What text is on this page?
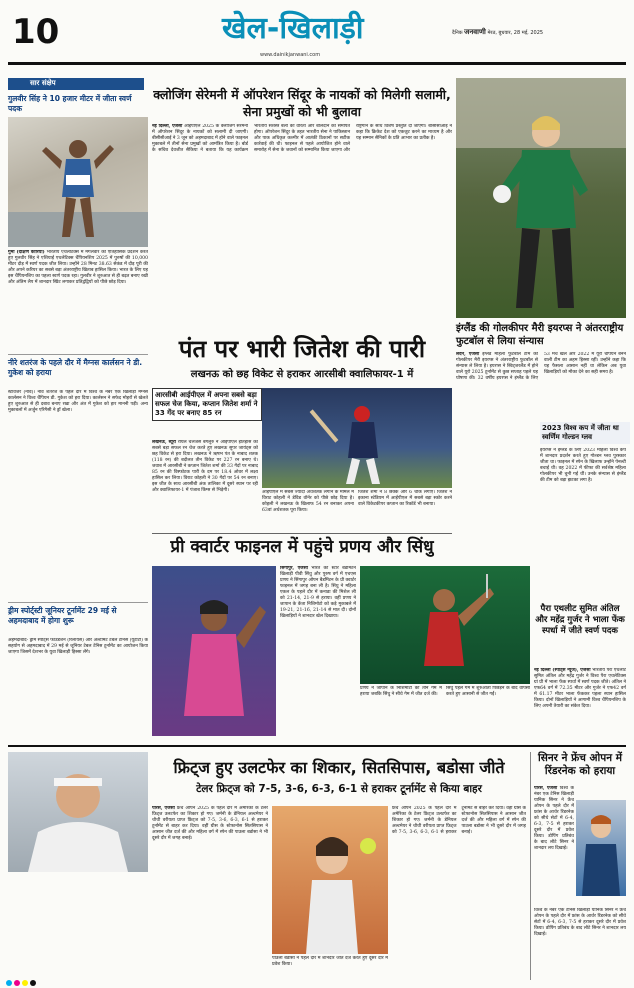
10	खेल-खिलाड़ी
www.dainikjanwani.com
दैनिक जनवाणी मेरठ, बुधवार, 28 मई, 2025
सार संक्षेप
गुलवीर सिंह ने 10 हजार मीटर में जीता स्वर्ण पदक
गुमी (दक्षिण कोरिया) भारतीय एथलेटिक्स में मंगलवार को ऐतिहासिक प्रदर्शन करते हुए गुलवीर सिंह ने एशियाई एथलेटिक्स चैंपियनशिप 2025 में पुरुषों की 10,000 मीटर दौड़ में स्वर्ण पदक जीत लिया। उन्होंने 28 मिनट 38.63 सेकंड में दौड़ पूरी की और अपने करियर का सबसे बड़ा अंतरराष्ट्रीय खिताब हासिल किया। भारत के लिए यह इस चैंपियनशिप का पहला स्वर्ण पदक रहा। गुलवीर ने शुरुआत से ही बढ़त बनाए रखी और अंतिम लैप में शानदार स्प्रिंट लगाकर प्रतिद्वंद्वियों को पीछे छोड़ दिया।
नीरे शतरंज के पहले दौर में मैग्नस कार्लसन ने डी. गुकेश को हराया
स्टावेंजर (नॉर्वे)। नॉर्वे शतरंज के पहले दौर में विश्व के नंबर एक खिलाड़ी मैग्नस कार्लसन ने विश्व चैंपियन डी. गुकेश को हरा दिया। कार्लसन ने सफेद मोहरों से खेलते हुए शुरुआत से ही दबाव बनाए रखा और अंत में गुकेश को हार माननी पड़ी। अन्य मुकाबलों में अर्जुन एरिगैसी ने ड्रॉ खेला।
ड्रीम स्पोर्ट्स्टी जूनियर टूर्नामेंट 29 मई से अहमदाबाद में होगा शुरू
अहमदाबाद- ड्रीम स्पोर्ट्स फाउंडेशन (रिलायंस) और अल्टीमेट टेबल टेनिस (यूटीटी) के सहयोग से अहमदाबाद में 29 मई से जूनियर टेबल टेनिस टूर्नामेंट का आयोजन किया जाएगा जिसमें देशभर के युवा खिलाड़ी हिस्सा लेंगे।
क्लोजिंग सेरेमनी में ऑपरेशन सिंदूर के नायकों को मिलेगी सलामी, सेना प्रमुखों को भी बुलावा
नई दिल्ली, एजेंसी आईपीएल 2025 के क्लोजिंग सेरेमनी में ऑपरेशन सिंदूर के नायकों को सलामी दी जाएगी। बीसीसीआई ने 3 जून को अहमदाबाद में होने वाले फाइनल मुकाबले में तीनों सेना प्रमुखों को आमंत्रित किया है। बोर्ड के सचिव देवजीत सैकिया ने बताया कि यह कार्यक्रम भारतीय सशस्त्र बलों की वीरता और बलिदान को समर्पित होगा। ऑपरेशन सिंदूर के तहत भारतीय सेना ने पाकिस्तान और पाक अधिकृत कश्मीर में आतंकी ठिकानों पर सटीक कार्रवाई की थी। फाइनल से पहले आयोजित होने वाले समारोह में सेना के जवानों को सम्मानित किया जाएगा और राष्ट्रगान के साथ विशेष प्रस्तुति दी जाएगी। बीसीसीआई ने कहा कि क्रिकेट देश को एकजुट करने का माध्यम है और यह सम्मान सैनिकों के प्रति आभार का प्रतीक है।
इंग्लैंड की गोलकीपर मैरी इयरप्स ने अंतरराष्ट्रीय फुटबॉल से लिया संन्यास
लंदन, एजेंसी इंग्लैंड महिला फुटबॉल टीम की गोलकीपर मैरी इयरप्स ने अंतरराष्ट्रीय फुटबॉल से संन्यास ले लिया है। इयरप्स ने स्विट्जरलैंड में होने वाले यूरो 2025 टूर्नामेंट से कुछ सप्ताह पहले यह घोषणा की। 32 वर्षीय इयरप्स ने इंग्लैंड के लिए 53 मैच खेले और 2022 में यूरो चैंपियन बनने वाली टीम का अहम हिस्सा रहीं। उन्होंने कहा कि यह फैसला आसान नहीं था लेकिन अब युवा खिलाड़ियों को मौका देने का सही समय है।
2023 विश्व कप में जीता था स्वर्णिम गोल्डन ग्लव
इयरप्स ने इंग्लैंड के लिए 2023 महिला विश्व कप में शानदार प्रदर्शन करते हुए गोल्डन ग्लव पुरस्कार जीता था। फाइनल में स्पेन के खिलाफ उन्होंने पेनल्टी बचाई थी। वह 2022 में फीफा की सर्वश्रेष्ठ महिला गोलकीपर भी चुनी गई थीं। उनके संन्यास से इंग्लैंड की टीम को बड़ा झटका लगा है।
पंत पर भारी जितेश की पारी
लखनऊ को छह विकेट से हराकर आरसीबी क्वालिफायर-1 में
आरसीबी आईपीएल में अपना सबसे बड़ा सफल चेज किया, कप्तान जितेश शर्मा ने 33 गेंद पर बनाए 85 रन
लखनऊ, ब्यूरो रॉयल चैलेंजर्स बेंगलुरु ने आईपीएल इतिहास का सबसे बड़ा सफल रन चेज करते हुए लखनऊ सुपर जायंट्स को छह विकेट से हरा दिया। लखनऊ ने ऋषभ पंत के नाबाद शतक (118 रन) की बदौलत तीन विकेट पर 227 रन बनाए थे। जवाब में आरसीबी ने कप्तान जितेश शर्मा की 33 गेंदों पर नाबाद 85 रन की विस्फोटक पारी के दम पर 18.4 ओवर में लक्ष्य हासिल कर लिया। विराट कोहली ने 30 गेंदों पर 54 रन बनाए। इस जीत के साथ आरसीबी अंक तालिका में दूसरे स्थान पर रही और क्वालिफायर-1 में पंजाब किंग्स से भिड़ेगी।	आईपीएल में सबसे ज्यादा अर्धशतक लगाने के मामले में विराट कोहली ने डेविड वॉर्नर को पीछे छोड़ दिया है। कोहली ने लखनऊ के खिलाफ 54 रन बनाकर अपना 63वां अर्धशतक पूरा किया।
जितेश शर्मा ने 8 छक्के और 6 चौके लगाए। जितेश ने इकाना स्टेडियम में आईपीएल में सबसे बड़ा स्कोर करने वाले विकेटकीपर कप्तान का रिकॉर्ड भी बनाया।
प्री क्वार्टर फाइनल में पहुंचे प्रणय और सिंधु
सिंगापुर, एजेंसी भारत की स्टार बैडमिंटन खिलाड़ी पीवी सिंधु और पुरुष वर्ग में एचएस प्रणय ने सिंगापुर ओपन बैडमिंटन के प्री क्वार्टर फाइनल में जगह बना ली है। सिंधु ने महिला एकल के पहले दौर में कनाडा की मिशेल ली को 21-14, 21-9 से हराया। वहीं प्रणय ने जापान के केंता निशिमोटो को कड़े मुकाबले में 19-21, 21-16, 21-14 से मात दी। दोनों खिलाड़ियों ने शानदार खेल दिखाया।
प्रणय ने जापान के निशिमोटो को तीन गेम में हराया जबकि सिंधु ने सीधे गेम में जीत दर्ज की।
सिंधु पहले गेम में शुरुआती पिछड़ने के बाद वापसी करते हुए आसानी से जीत गईं।
पैरा एथलीट सुमित अंतिल और महेंद्र गुर्जर ने भाला फेंक स्पर्धा में जीते स्वर्ण पदक
नई दिल्ली (स्पोर्ट्स न्यूज), एजेंसी भारतीय पैरा एथलीट सुमित अंतिल और महेंद्र गुर्जर ने विश्व पैरा एथलेटिक्स ग्रां प्री में भाला फेंक स्पर्धा में स्वर्ण पदक जीते। अंतिल ने एफ64 वर्ग में 72.35 मीटर और गुर्जर ने एफ42 वर्ग में 61.17 मीटर भाला फेंककर पहला स्थान हासिल किया। दोनों खिलाड़ियों ने आगामी विश्व चैंपियनशिप के लिए अपनी तैयारी का संकेत दिया।
फ्रिट्ज हुए उलटफेर का शिकार, सितसिपास, बडोसा जीते
टेलर फ्रिट्ज को 7-5, 3-6, 6-3, 6-1 से हराकर टूर्नामेंट से किया बाहर
पेरिस, एजेंसी फ्रेंच ओपन 2025 के पहले दौर में अमेरिका के टेलर फ्रिट्ज उलटफेर का शिकार हो गए। जर्मनी के डेनियल अल्टमेयर ने चौथी वरीयता प्राप्त फ्रिट्ज को 7-5, 3-6, 6-3, 6-1 से हराकर टूर्नामेंट से बाहर कर दिया। वहीं ग्रीस के स्टेफानोस सितसिपास ने आसान जीत दर्ज की और महिला वर्ग में स्पेन की पाउला बडोसा ने भी दूसरे दौर में जगह बनाई।
पाउला बडोसा ने पहले दौर में शानदार जीत दर्ज करते हुए दूसरे दौर में प्रवेश किया।
फ्रेंच ओपन 2025 के पहले दौर में अमेरिका के टेलर फ्रिट्ज उलटफेर का शिकार हो गए। जर्मनी के डेनियल अल्टमेयर ने चौथी वरीयता प्राप्त फ्रिट्ज को 7-5, 3-6, 6-3, 6-1 से हराकर टूर्नामेंट से बाहर कर दिया। वहीं ग्रीस के स्टेफानोस सितसिपास ने आसान जीत दर्ज की और महिला वर्ग में स्पेन की पाउला बडोसा ने भी दूसरे दौर में जगह बनाई।
सिनर ने फ्रेंच ओपन में रिंडरनेक को हराया
पेरिस, एजेंसी विश्व के नंबर एक टेनिस खिलाड़ी यानिक सिनर ने फ्रेंच ओपन के पहले दौर में फ्रांस के आर्थर रिंडरनेक को सीधे सेटों में 6-4, 6-3, 7-5 से हराकर दूसरे दौर में प्रवेश किया। डोपिंग प्रतिबंध के बाद लौटे सिनर ने शानदार लय दिखाई।
विश्व के नंबर एक टेनिस खिलाड़ी यानिक सिनर ने फ्रेंच ओपन के पहले दौर में फ्रांस के आर्थर रिंडरनेक को सीधे सेटों में 6-4, 6-3, 7-5 से हराकर दूसरे दौर में प्रवेश किया। डोपिंग प्रतिबंध के बाद लौटे सिनर ने शानदार लय दिखाई।
